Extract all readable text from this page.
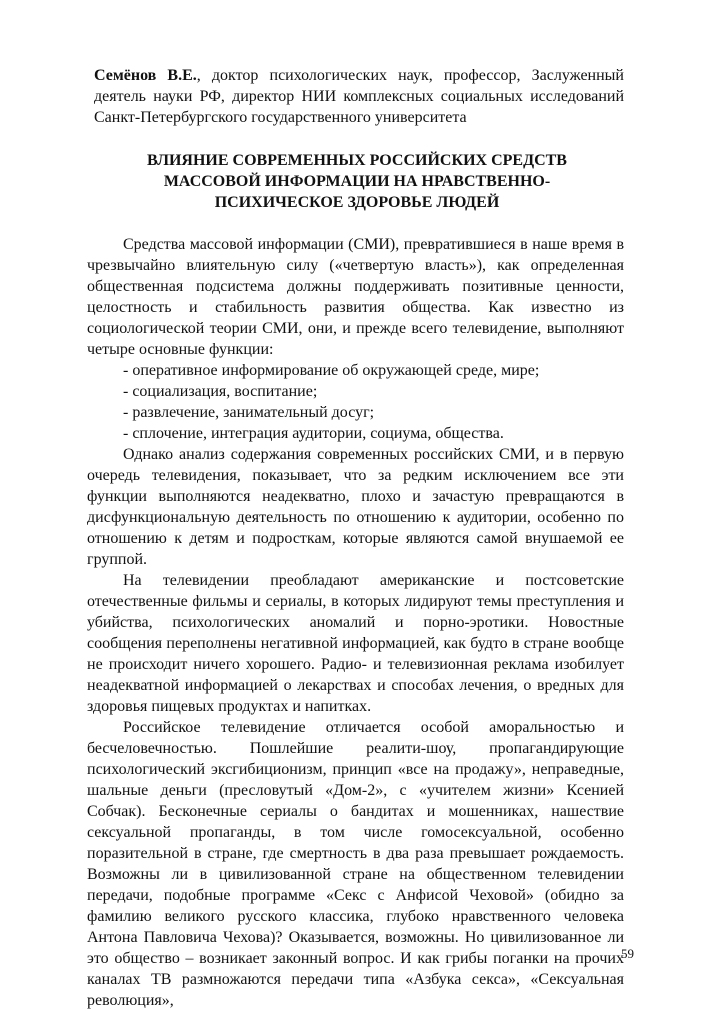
Семёнов В.Е., доктор психологических наук, профессор, Заслуженный деятель науки РФ, директор НИИ комплексных социальных исследований Санкт-Петербургского государственного университета
ВЛИЯНИЕ СОВРЕМЕННЫХ РОССИЙСКИХ СРЕДСТВ МАССОВОЙ ИНФОРМАЦИИ НА НРАВСТВЕННО-ПСИХИЧЕСКОЕ ЗДОРОВЬЕ ЛЮДЕЙ

Средства массовой информации (СМИ), превратившиеся в наше время в чрезвычайно влиятельную силу («четвертую власть»), как определенная общественная подсистема должны поддерживать позитивные ценности, целостность и стабильность развития общества. Как известно из социологической теории СМИ, они, и прежде всего телевидение, выполняют четыре основные функции:

- оперативное информирование об окружающей среде, мире;

- социализация, воспитание;

- развлечение, занимательный досуг;

- сплочение, интеграция аудитории, социума, общества.

Однако анализ содержания современных российских СМИ, и в первую очередь телевидения, показывает, что за редким исключением все эти функции выполняются неадекватно, плохо и зачастую превращаются в дисфункциональную деятельность по отношению к аудитории, особенно по отношению к детям и подросткам, которые являются самой внушаемой ее группой.

На телевидении преобладают американские и постсоветские отечественные фильмы и сериалы, в которых лидируют темы преступления и убийства, психологических аномалий и порно-эротики. Новостные сообщения переполнены негативной информацией, как будто в стране вообще не происходит ничего хорошего. Радио- и телевизионная реклама изобилует неадекватной информацией о лекарствах и способах лечения, о вредных для здоровья пищевых продуктах и напитках.

Российское телевидение отличается особой аморальностью и бесчеловечностью. Пошлейшие реалити-шоу, пропагандирующие психологический эксгибиционизм, принцип «все на продажу», неправедные, шальные деньги (пресловутый «Дом-2», с «учителем жизни» Ксенией Собчак). Бесконечные сериалы о бандитах и мошенниках, нашествие сексуальной пропаганды, в том числе гомосексуальной, особенно поразительной в стране, где смертность в два раза превышает рождаемость. Возможны ли в цивилизованной стране на общественном телевидении передачи, подобные программе «Секс с Анфисой Чеховой» (обидно за фамилию великого русского классика, глубоко нравственного человека Антона Павловича Чехова)? Оказывается, возможны. Но цивилизованное ли это общество – возникает законный вопрос. И как грибы поганки на прочих каналах ТВ размножаются передачи типа «Азбука секса», «Сексуальная революция»,

59
